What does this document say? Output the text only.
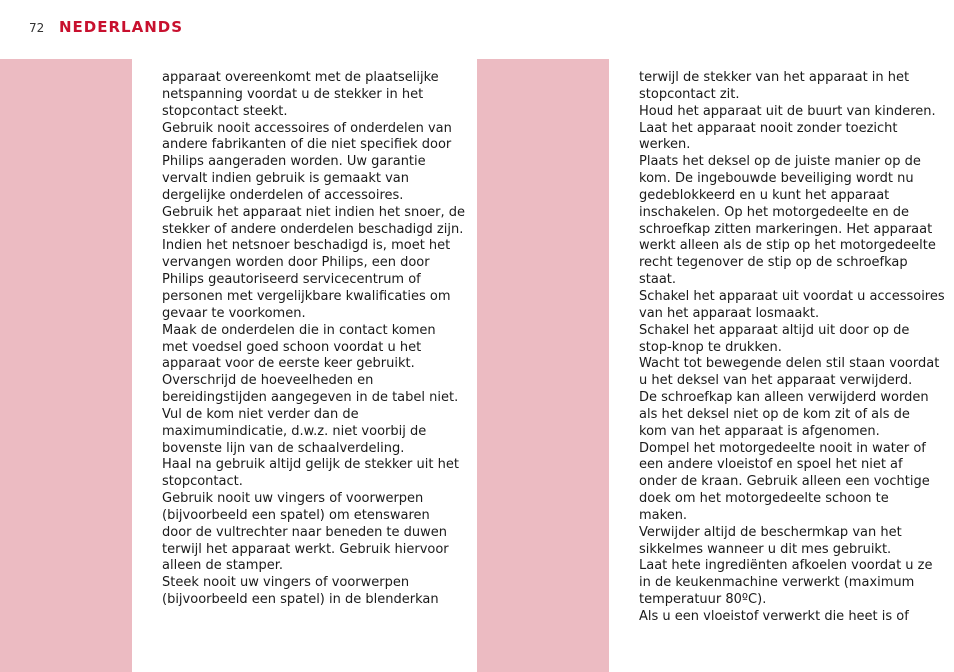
72 NEDERLANDS
apparaat overeenkomt met de plaatselijke
netspanning voordat u de stekker in het
stopcontact steekt.
Gebruik nooit accessoires of onderdelen van
andere fabrikanten of die niet specifiek door
Philips aangeraden worden. Uw garantie
vervalt indien gebruik is gemaakt van
dergelijke onderdelen of accessoires.
Gebruik het apparaat niet indien het snoer, de
stekker of andere onderdelen beschadigd zijn.
Indien het netsnoer beschadigd is, moet het
vervangen worden door Philips, een door
Philips geautoriseerd servicecentrum of
personen met vergelijkbare kwalificaties om
gevaar te voorkomen.
Maak de onderdelen die in contact komen
met voedsel goed schoon voordat u het
apparaat voor de eerste keer gebruikt.
Overschrijd de hoeveelheden en
bereidingstijden aangegeven in de tabel niet.
Vul de kom niet verder dan de
maximumindicatie, d.w.z. niet voorbij de
bovenste lijn van de schaalverdeling.
Haal na gebruik altijd gelijk de stekker uit het
stopcontact.
Gebruik nooit uw vingers of voorwerpen
(bijvoorbeeld een spatel) om etenswaren
door de vultrechter naar beneden te duwen
terwijl het apparaat werkt. Gebruik hiervoor
alleen de stamper.
Steek nooit uw vingers of voorwerpen
(bijvoorbeeld een spatel) in de blenderkan
terwijl de stekker van het apparaat in het
stopcontact zit.
Houd het apparaat uit de buurt van kinderen.
Laat het apparaat nooit zonder toezicht
werken.
Plaats het deksel op de juiste manier op de
kom. De ingebouwde beveiliging wordt nu
gedeblokkeerd en u kunt het apparaat
inschakelen. Op het motorgedeelte en de
schroefkap zitten markeringen. Het apparaat
werkt alleen als de stip op het motorgedeelte
recht tegenover de stip op de schroefkap
staat.
Schakel het apparaat uit voordat u accessoires
van het apparaat losmaakt.
Schakel het apparaat altijd uit door op de
stop-knop te drukken.
Wacht tot bewegende delen stil staan voordat
u het deksel van het apparaat verwijderd.
De schroefkap kan alleen verwijderd worden
als het deksel niet op de kom zit of als de
kom van het apparaat is afgenomen.
Dompel het motorgedeelte nooit in water of
een andere vloeistof en spoel het niet af
onder de kraan. Gebruik alleen een vochtige
doek om het motorgedeelte schoon te
maken.
Verwijder altijd de beschermkap van het
sikkelmes wanneer u dit mes gebruikt.
Laat hete ingrediënten afkoelen voordat u ze
in de keukenmachine verwerkt (maximum
temperatuur 80ºC).
Als u een vloeistof verwerkt die heet is of
